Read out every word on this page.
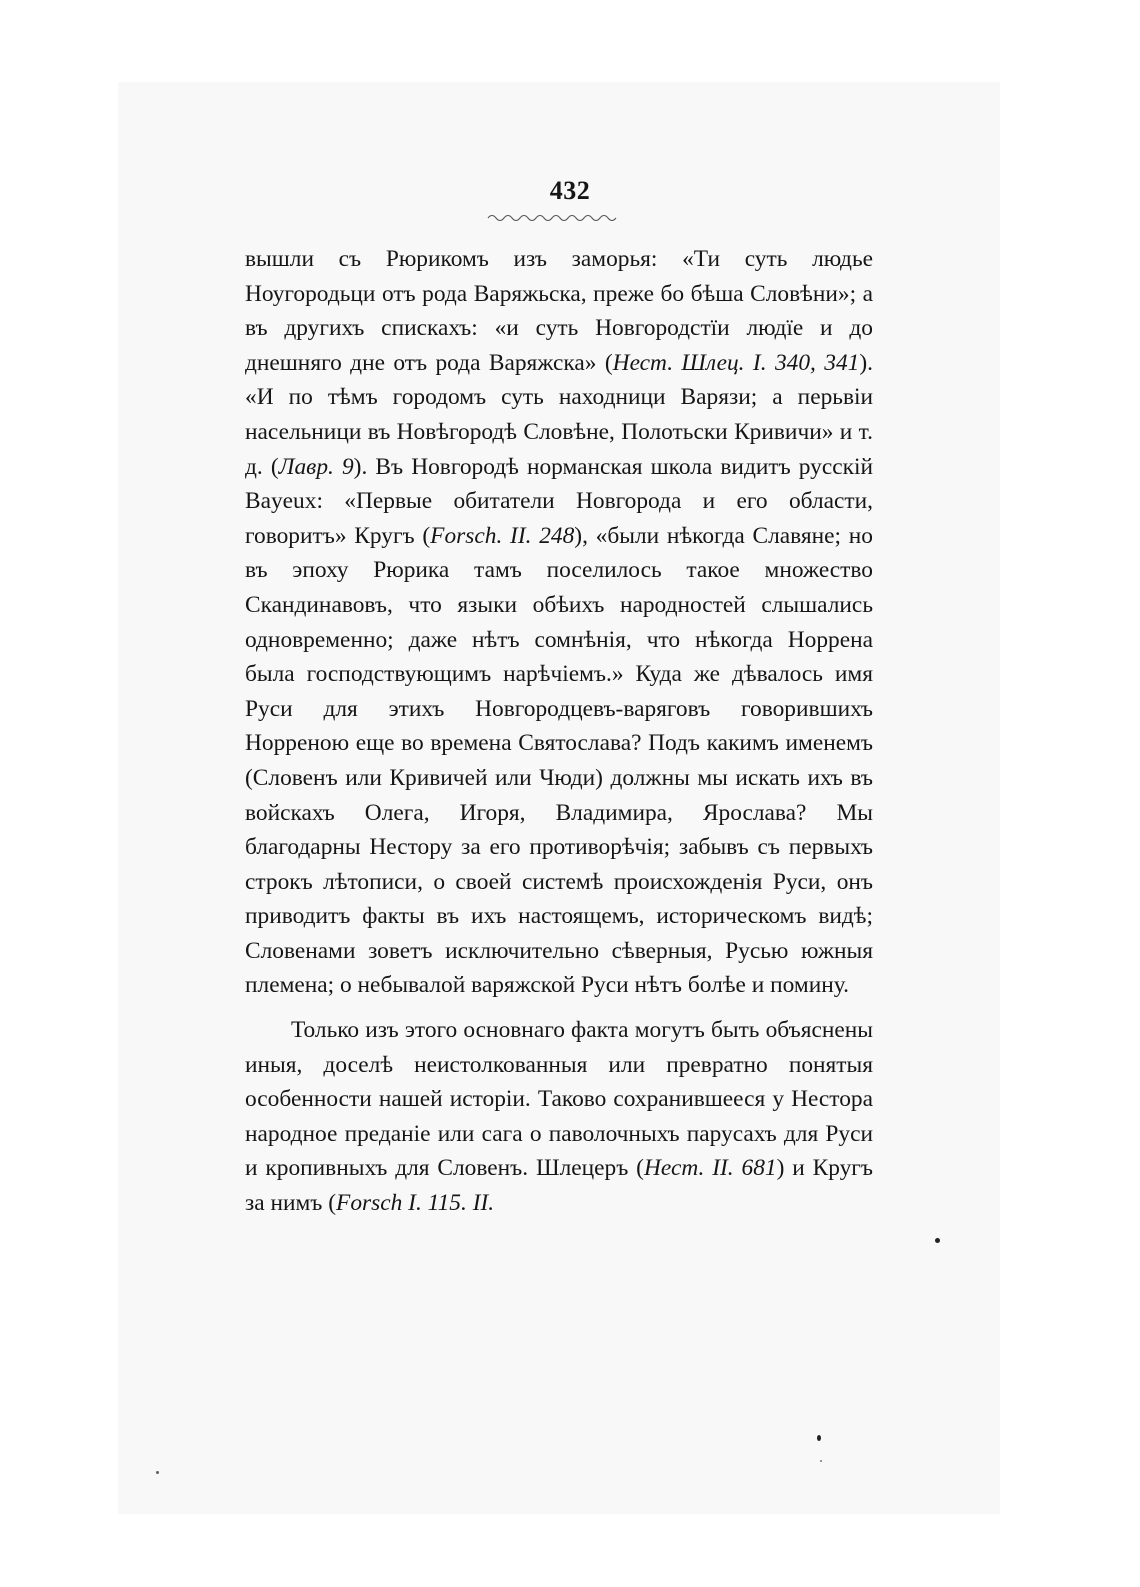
432

вышли съ Рюрикомъ изъ заморья: «Ти суть людье Ноугородьци отъ рода Варяжьска, преже бо бѣша Словѣни»; а въ другихъ спискахъ: «и суть Новгородстїи людїе и до днешняго дне отъ рода Варяжска» (Нест. Шлец. I. 340, 341). «И по тѣмъ городомъ суть находници Варязи; а перьвіи насельници въ Новѣгородѣ Словѣне, Полотьски Кривичи» и т. д. (Лавр. 9). Въ Новгородѣ норманская школа видитъ русскій Bayeux: «Первые обитатели Новгорода и его области, говоритъ» Кругъ (Forsch. II. 248), «были нѣкогда Славяне; но въ эпоху Рюрика тамъ поселилось такое множество Скандинавовъ, что языки обѣихъ народностей слышались одновременно; даже нѣтъ сомнѣнія, что нѣкогда Норрена была господствующимъ нарѣчіемъ.» Куда же дѣвалось имя Руси для этихъ Новгородцевъ-варяговъ говорившихъ Норреною еще во времена Святослава? Подъ какимъ именемъ (Словенъ или Кривичей или Чюди) должны мы искать ихъ въ войскахъ Олега, Игоря, Владимира, Ярослава? Мы благодарны Нестору за его противорѣчія; забывъ съ первыхъ строкъ лѣтописи, о своей системѣ происхожденія Руси, онъ приводитъ факты въ ихъ настоящемъ, историческомъ видѣ; Словенами зоветъ исключительно сѣверныя, Русью южныя племена; о небывалой варяжской Руси нѣтъ болѣе и помину.

Только изъ этого основнаго факта могутъ быть объяснены иныя, доселѣ неистолкованныя или превратно понятыя особенности нашей исторіи. Таково сохранившееся у Нестора народное преданіе или сага о паволочныхъ парусахъ для Руси и кропивныхъ для Словенъ. Шлецеръ (Нест. II. 681) и Кругъ за нимъ (Forsch I. 115. II.
